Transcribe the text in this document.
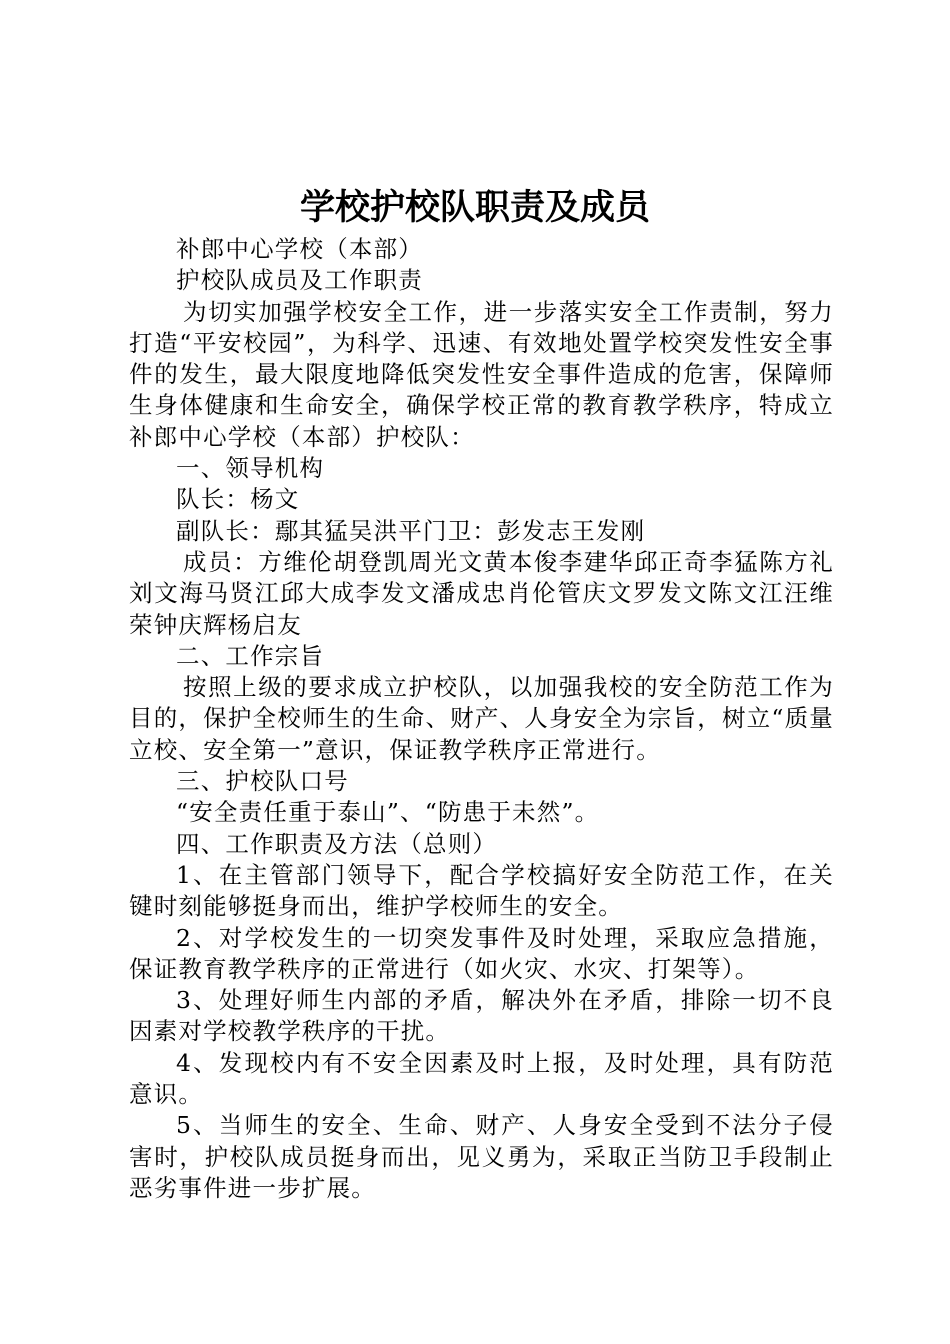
学校护校队职责及成员

补郎中心学校（本部）

护校队成员及工作职责

为切实加强学校安全工作，进一步落实安全工作责制，努力打造“平安校园”，为科学、迅速、有效地处置学校突发性安全事件的发生，最大限度地降低突发性安全事件造成的危害，保障师生身体健康和生命安全，确保学校正常的教育教学秩序，特成立补郎中心学校（本部）护校队：

一、领导机构

队长：杨文

副队长：鄢其猛吴洪平门卫：彭发志王发刚

成员：方维伦胡登凯周光文黄本俊李建华邱正奇李猛陈方礼刘文海马贤江邱大成李发文潘成忠肖伦管庆文罗发文陈文江汪维荣钟庆辉杨启友

二、工作宗旨

按照上级的要求成立护校队，以加强我校的安全防范工作为目的，保护全校师生的生命、财产、人身安全为宗旨，树立“质量立校、安全第一”意识，保证教学秩序正常进行。

三、护校队口号

“安全责任重于泰山”、“防患于未然”。

四、工作职责及方法（总则）

1、在主管部门领导下，配合学校搞好安全防范工作，在关键时刻能够挺身而出，维护学校师生的安全。

2、对学校发生的一切突发事件及时处理，采取应急措施，保证教育教学秩序的正常进行（如火灾、水灾、打架等）。

3、处理好师生内部的矛盾，解决外在矛盾，排除一切不良因素对学校教学秩序的干扰。

4、发现校内有不安全因素及时上报，及时处理，具有防范意识。

5、当师生的安全、生命、财产、人身安全受到不法分子侵害时，护校队成员挺身而出，见义勇为，采取正当防卫手段制止恶劣事件进一步扩展。
